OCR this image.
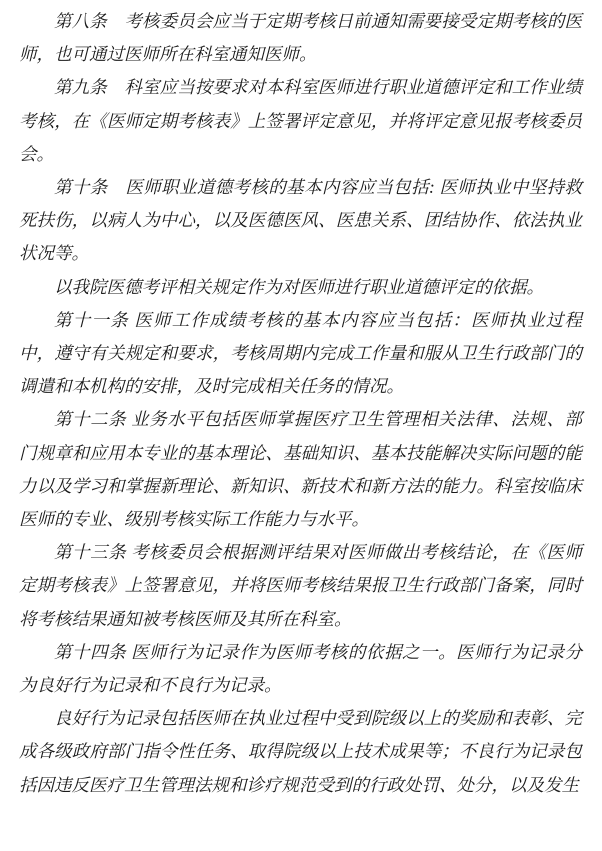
第八条　考核委员会应当于定期考核日前通知需要接受定期考核的医师，也可通过医师所在科室通知医师。

第九条　科室应当按要求对本科室医师进行职业道德评定和工作业绩考核，在《医师定期考核表》上签署评定意见，并将评定意见报考核委员会。

第十条　医师职业道德考核的基本内容应当包括: 医师执业中坚持救死扶伤，以病人为中心，以及医德医风、医患关系、团结协作、依法执业状况等。

以我院医德考评相关规定作为对医师进行职业道德评定的依据。

第十一条 医师工作成绩考核的基本内容应当包括：医师执业过程中，遵守有关规定和要求，考核周期内完成工作量和服从卫生行政部门的调遣和本机构的安排，及时完成相关任务的情况。

第十二条 业务水平包括医师掌握医疗卫生管理相关法律、法规、部门规章和应用本专业的基本理论、基础知识、基本技能解决实际问题的能力以及学习和掌握新理论、新知识、新技术和新方法的能力。科室按临床医师的专业、级别考核实际工作能力与水平。

第十三条 考核委员会根据测评结果对医师做出考核结论，在《医师定期考核表》上签署意见，并将医师考核结果报卫生行政部门备案，同时将考核结果通知被考核医师及其所在科室。

第十四条 医师行为记录作为医师考核的依据之一。医师行为记录分为良好行为记录和不良行为记录。

良好行为记录包括医师在执业过程中受到院级以上的奖励和表彰、完成各级政府部门指令性任务、取得院级以上技术成果等；不良行为记录包括因违反医疗卫生管理法规和诊疗规范受到的行政处罚、处分，以及发生
